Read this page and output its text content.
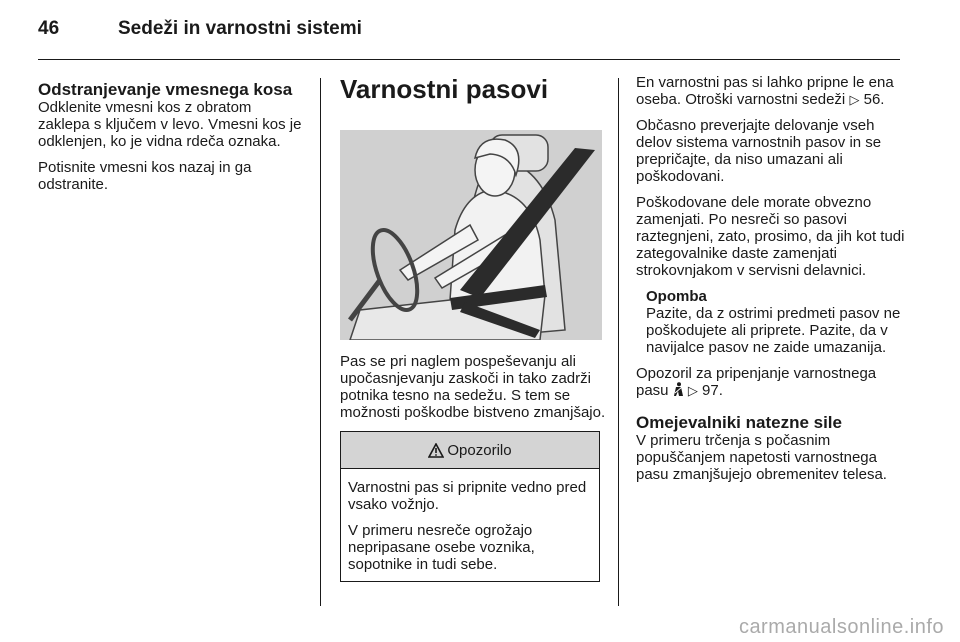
46	Sedeži in varnostni sistemi
Odstranjevanje vmesnega kosa

Odklenite vmesni kos z obratom zaklepa s ključem v levo. Vmesni kos je odklenjen, ko je vidna rdeča oznaka.

Potisnite vmesni kos nazaj in ga odstranite.

Varnostni pasovi

Pas se pri naglem pospeševanju ali upočasnjevanju zaskoči in tako zadrži potnika tesno na sedežu. S tem se možnosti poškodbe bistveno zmanjšajo.

Opozorilo

Varnostni pas si pripnite vedno pred vsako vožnjo.

V primeru nesreče ogrožajo nepripasane osebe voznika, sopotnike in tudi sebe.

En varnostni pas si lahko pripne le ena oseba. Otroški varnostni sedeži ▷ 56.

Občasno preverjajte delovanje vseh delov sistema varnostnih pasov in se prepričajte, da niso umazani ali poškodovani.

Poškodovane dele morate obvezno zamenjati. Po nesreči so pasovi raztegnjeni, zato, prosimo, da jih kot tudi zategovalnike daste zamenjati strokovnjakom v servisni delavnici.

Opomba
Pazite, da z ostrimi predmeti pasov ne poškodujete ali priprete. Pazite, da v navijalce pasov ne zaide umazanija.

Opozoril za pripenjanje varnostnega pasu ▷ 97.

Omejevalniki natezne sile

V primeru trčenja s počasnim popuščanjem napetosti varnostnega pasu zmanjšujejo obremenitev telesa.

carmanualsonline.info
